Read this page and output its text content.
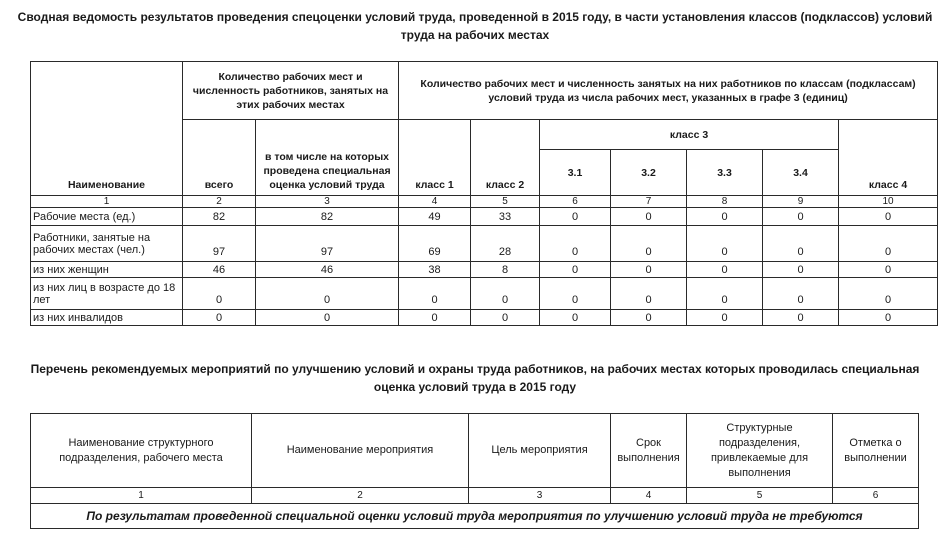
Сводная ведомость результатов проведения спецоценки условий труда, проведенной в 2015 году, в части установления классов (подклассов) условий труда на рабочих местах
Наименование	Количество рабочих мест и численность работников, занятых на этих рабочих местах		Количество рабочих мест и численность занятых на них работников по классам (подклассам) условий труда из числа рабочих мест, указанных в графе 3 (единиц)						
	всего	в том числе на которых проведена специальная оценка условий труда	класс 1	класс 2	класс 3				класс 4
					3.1	3.2	3.3	3.4	
1	2	3	4	5	6	7	8	9	10
Рабочие места (ед.)	82	82	49	33	0	0	0	0	0
Работники, занятые на рабочих местах (чел.)	97	97	69	28	0	0	0	0	0
из них женщин	46	46	38	8	0	0	0	0	0
из них лиц в возрасте до 18 лет	0	0	0	0	0	0	0	0	0
из них инвалидов	0	0	0	0	0	0	0	0	0
Перечень рекомендуемых мероприятий по улучшению условий и охраны труда работников, на рабочих местах которых проводилась специальная оценка условий труда в 2015 году
Наименование структурного подразделения, рабочего места	Наименование мероприятия	Цель мероприятия	Срок выполнения	Структурные подразделения, привлекаемые для выполнения	Отметка о выполнении
1	2	3	4	5	6
По результатам проведенной специальной оценки условий труда мероприятия по улучшению условий труда не требуются					
